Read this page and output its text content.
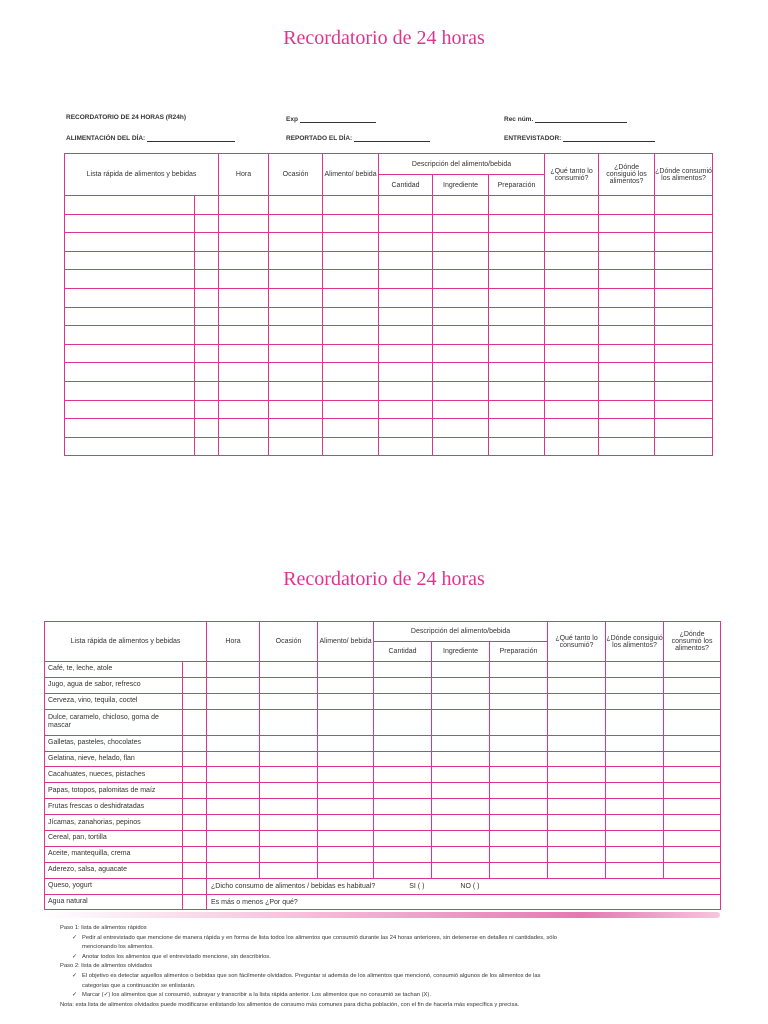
Recordatorio de 24 horas
RECORDATORIO DE 24 HORAS (R24h)	Exp	Rec núm.
ALIMENTACIÓN DEL DÍA:	REPORTADO EL DÍA:	ENTREVISTADOR:
Lista rápida de alimentos y bebidas		Hora	Ocasión	Alimento/ bebida	Descripción del alimento/bebida			¿Qué tanto lo consumió?	¿Dónde consiguió los alimentos?	¿Dónde consumió los alimentos?
					Cantidad	Ingrediente	Preparación			

Recordatorio de 24 horas
Lista rápida de alimentos y bebidas		Hora	Ocasión	Alimento/ bebida	Descripción del alimento/bebida			¿Qué tanto lo consumió?	¿Dónde consiguió los alimentos?	¿Dónde consumió los alimentos?
					Cantidad	Ingrediente	Preparación			
Café, te, leche, atole										
Jugo, agua de sabor, refresco										
Cerveza, vino, tequila, coctel										
Dulce, caramelo, chicloso, goma de mascar										
Galletas, pasteles, chocolates										
Gelatina, nieve, helado, flan										
Cacahuates, nueces, pistaches										
Papas, totopos, palomitas de maíz										
Frutas frescas o deshidratadas										
Jícamas, zanahorias, pepinos										
Cereal, pan, tortilla										
Aceite, mantequilla, crema										
Aderezo, salsa, aguacate										
Queso, yogurt		¿Dicho consumo de alimentos / bebidas es habitual? SI ( ) NO ( )								
Agua natural		Es más o menos ¿Por qué?								
Paso 1: lista de alimentos rápidos
✓ Pedir al entrevistado que mencione de manera rápida y en forma de lista todos los alimentos que consumió durante las 24 horas anteriores, sin detenerse en detalles ni cantidades, sólo
mencionando los alimentos.
✓ Anotar todos los alimentos que el entrevistado mencione, sin describirlos.
Paso 2: lista de alimentos olvidados
✓ El objetivo es detectar aquellos alimentos o bebidas que son fácilmente olvidados. Preguntar si además de los alimentos que mencionó, consumió algunos de los alimentos de las
categorías que a continuación se enlistarán.
✓ Marcar (✓) los alimentos que sí consumió, subrayar y transcribir a la lista rápida anterior. Los alimentos que no consumió se tachan (X).
Nota: esta lista de alimentos olvidados puede modificarse enlistando los alimentos de consumo más comunes para dicha población, con el fin de hacerla más específica y precisa.
